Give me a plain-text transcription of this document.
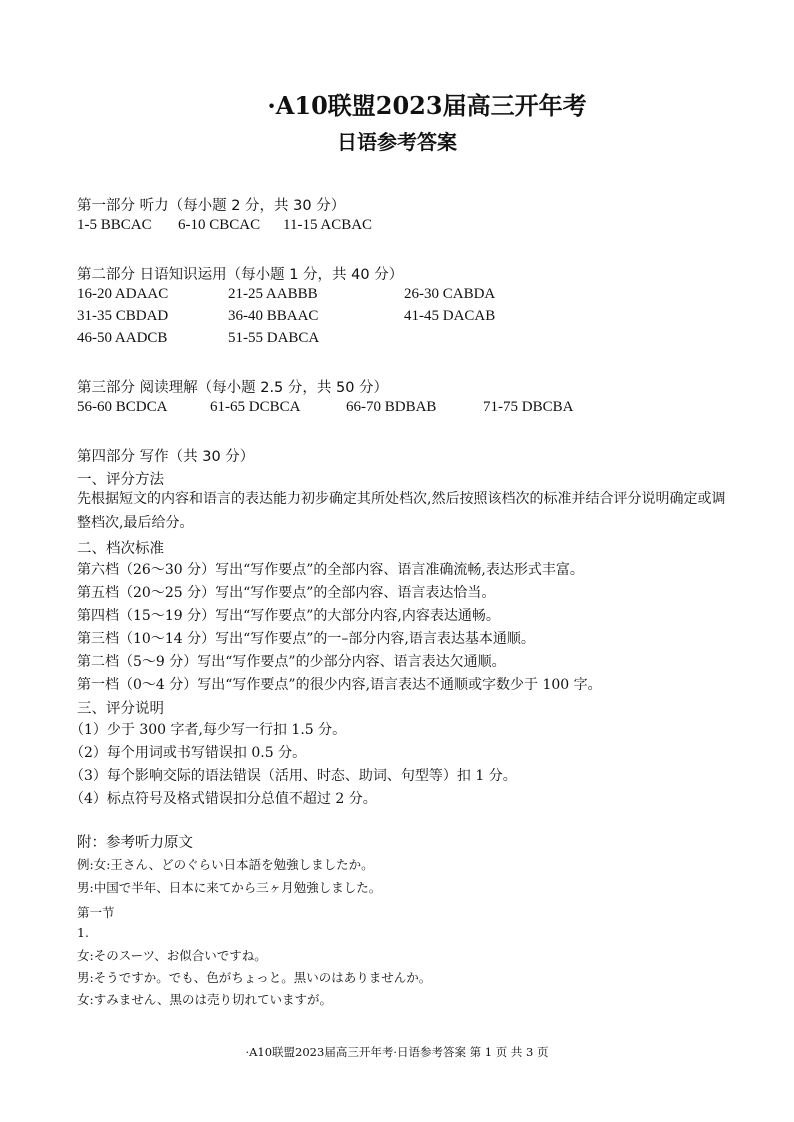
·A10联盟2023届高三开年考
日语参考答案
第一部分 听力（每小题 2 分，共 30 分）
1-5 BBCAC 6-10 CBCAC 11-15 ACBAC
第二部分 日语知识运用（每小题 1 分，共 40 分）
16-20 ADAAC	21-25 AABBB	26-30 CABDA
31-35 CBDAD	36-40 BBAAC	41-45 DACAB
46-50 AADCB	51-55 DABCA
第三部分 阅读理解（每小题 2.5 分，共 50 分）
56-60 BCDCA	61-65 DCBCA	66-70 BDBAB	71-75 DBCBA
第四部分 写作（共 30 分）
一、评分方法
先根据短文的内容和语言的表达能力初步确定其所处档次,然后按照该档次的标准并结合评分说明确定或调整档次,最后给分。
二、档次标准
第六档（26～30 分）写出“写作要点”的全部内容、语言准确流畅,表达形式丰富。
第五档（20～25 分）写出“写作要点”的全部内容、语言表达恰当。
第四档（15～19 分）写出“写作要点”的大部分内容,内容表达通畅。
第三档（10～14 分）写出“写作要点”的一–部分内容,语言表达基本通顺。
第二档（5～9 分）写出“写作要点”的少部分内容、语言表达欠通顺。
第一档（0～4 分）写出“写作要点”的很少内容,语言表达不通顺或字数少于 100 字。
三、评分说明
（1）少于 300 字者,每少写一行扣 1.5 分。
（2）每个用词或书写错误扣 0.5 分。
（3）每个影响交际的语法错误（活用、时态、助词、句型等）扣 1 分。
（4）标点符号及格式错误扣分总值不超过 2 分。
附：参考听力原文
例:女:王さん、どのぐらい日本語を勉強しましたか。
男:中国で半年、日本に来てから三ヶ月勉強しました。
第一节
1.
女:そのスーツ、お似合いですね。
男:そうですか。でも、色がちょっと。黒いのはありませんか。
女:すみません、黒のは売り切れていますが。
·A10联盟2023届高三开年考·日语参考答案 第 1 页 共 3 页
